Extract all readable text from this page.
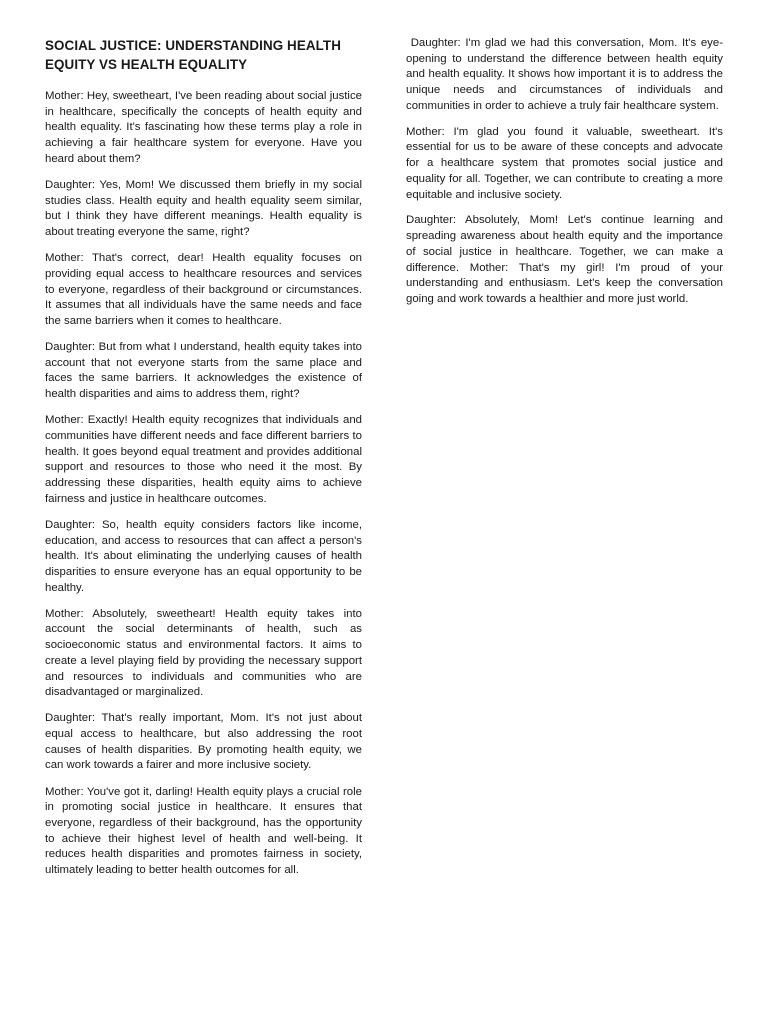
SOCIAL JUSTICE: UNDERSTANDING HEALTH EQUITY VS HEALTH EQUALITY

Mother: Hey, sweetheart, I've been reading about social justice in healthcare, specifically the concepts of health equity and health equality. It's fascinating how these terms play a role in achieving a fair healthcare system for everyone. Have you heard about them?

Daughter: Yes, Mom! We discussed them briefly in my social studies class. Health equity and health equality seem similar, but I think they have different meanings. Health equality is about treating everyone the same, right?

Mother: That's correct, dear! Health equality focuses on providing equal access to healthcare resources and services to everyone, regardless of their background or circumstances. It assumes that all individuals have the same needs and face the same barriers when it comes to healthcare.

Daughter: But from what I understand, health equity takes into account that not everyone starts from the same place and faces the same barriers. It acknowledges the existence of health disparities and aims to address them, right?

Mother: Exactly! Health equity recognizes that individuals and communities have different needs and face different barriers to health. It goes beyond equal treatment and provides additional support and resources to those who need it the most. By addressing these disparities, health equity aims to achieve fairness and justice in healthcare outcomes.

Daughter: So, health equity considers factors like income, education, and access to resources that can affect a person's health. It's about eliminating the underlying causes of health disparities to ensure everyone has an equal opportunity to be healthy.

Mother: Absolutely, sweetheart! Health equity takes into account the social determinants of health, such as socioeconomic status and environmental factors. It aims to create a level playing field by providing the necessary support and resources to individuals and communities who are disadvantaged or marginalized.

Daughter: That's really important, Mom. It's not just about equal access to healthcare, but also addressing the root causes of health disparities. By promoting health equity, we can work towards a fairer and more inclusive society.

Mother: You've got it, darling! Health equity plays a crucial role in promoting social justice in healthcare. It ensures that everyone, regardless of their background, has the opportunity to achieve their highest level of health and well-being. It reduces health disparities and promotes fairness in society, ultimately leading to better health outcomes for all.

Daughter: I'm glad we had this conversation, Mom. It's eye-opening to understand the difference between health equity and health equality. It shows how important it is to address the unique needs and circumstances of individuals and communities in order to achieve a truly fair healthcare system.

Mother: I'm glad you found it valuable, sweetheart. It's essential for us to be aware of these concepts and advocate for a healthcare system that promotes social justice and equality for all. Together, we can contribute to creating a more equitable and inclusive society.

Daughter: Absolutely, Mom! Let's continue learning and spreading awareness about health equity and the importance of social justice in healthcare. Together, we can make a difference. Mother: That's my girl! I'm proud of your understanding and enthusiasm. Let's keep the conversation going and work towards a healthier and more just world.
